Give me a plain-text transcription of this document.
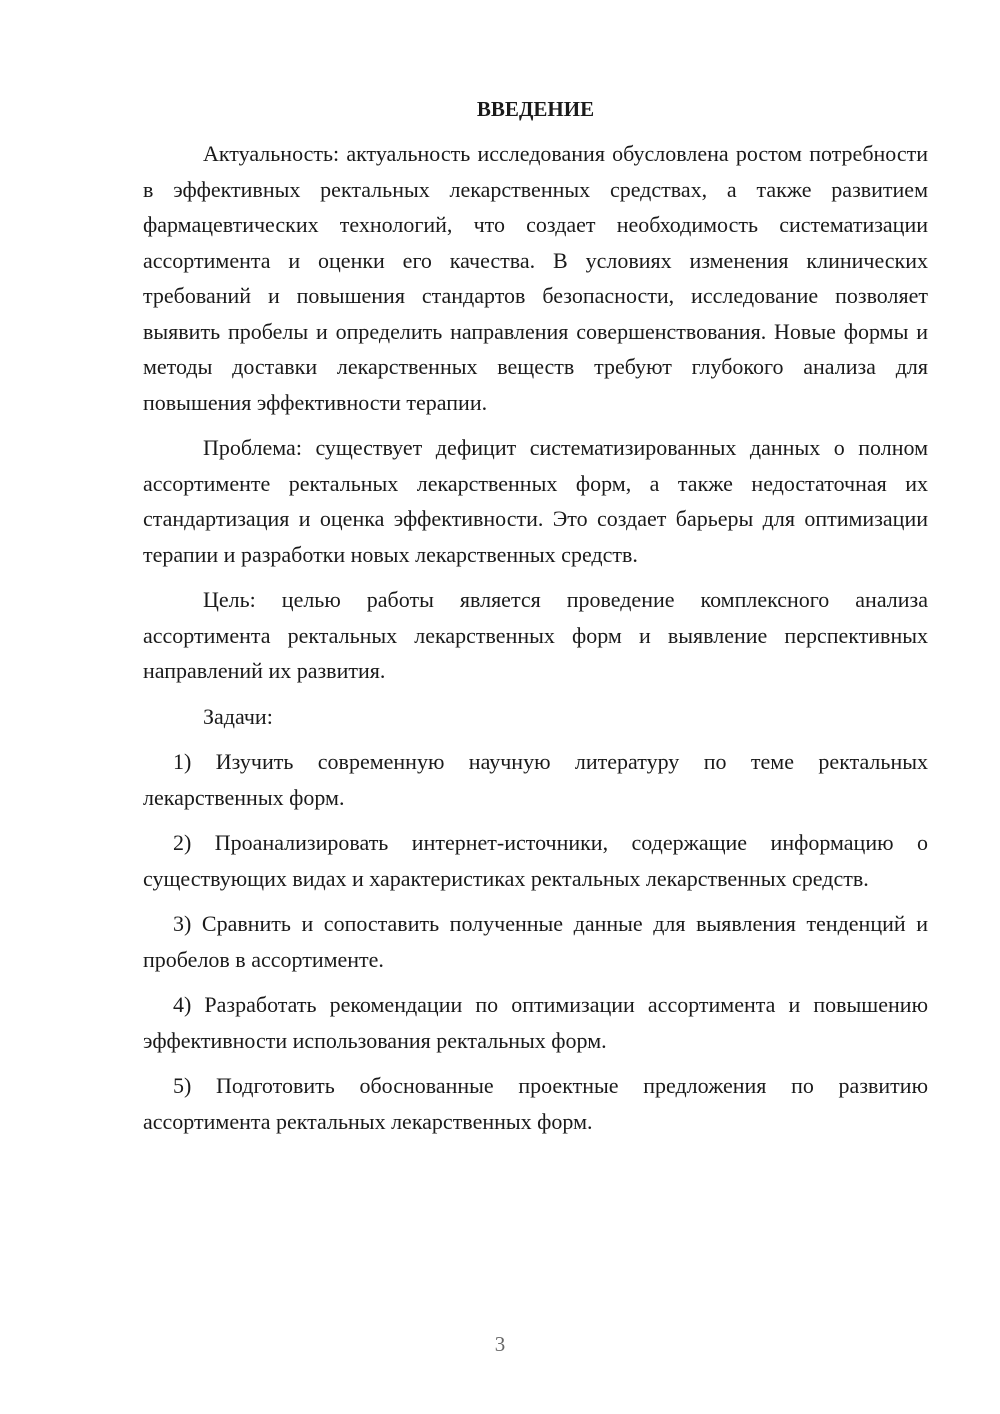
ВВЕДЕНИЕ

Актуальность: актуальность исследования обусловлена ростом потребности в эффективных ректальных лекарственных средствах, а также развитием фармацевтических технологий, что создает необходимость систематизации ассортимента и оценки его качества. В условиях изменения клинических требований и повышения стандартов безопасности, исследование позволяет выявить пробелы и определить направления совершенствования. Новые формы и методы доставки лекарственных веществ требуют глубокого анализа для повышения эффективности терапии.

Проблема: существует дефицит систематизированных данных о полном ассортименте ректальных лекарственных форм, а также недостаточная их стандартизация и оценка эффективности. Это создает барьеры для оптимизации терапии и разработки новых лекарственных средств.

Цель: целью работы является проведение комплексного анализа ассортимента ректальных лекарственных форм и выявление перспективных направлений их развития.

Задачи:

1) Изучить современную научную литературу по теме ректальных лекарственных форм.

2) Проанализировать интернет-источники, содержащие информацию о существующих видах и характеристиках ректальных лекарственных средств.

3) Сравнить и сопоставить полученные данные для выявления тенденций и пробелов в ассортименте.

4) Разработать рекомендации по оптимизации ассортимента и повышению эффективности использования ректальных форм.

5) Подготовить обоснованные проектные предложения по развитию ассортимента ректальных лекарственных форм.

3
